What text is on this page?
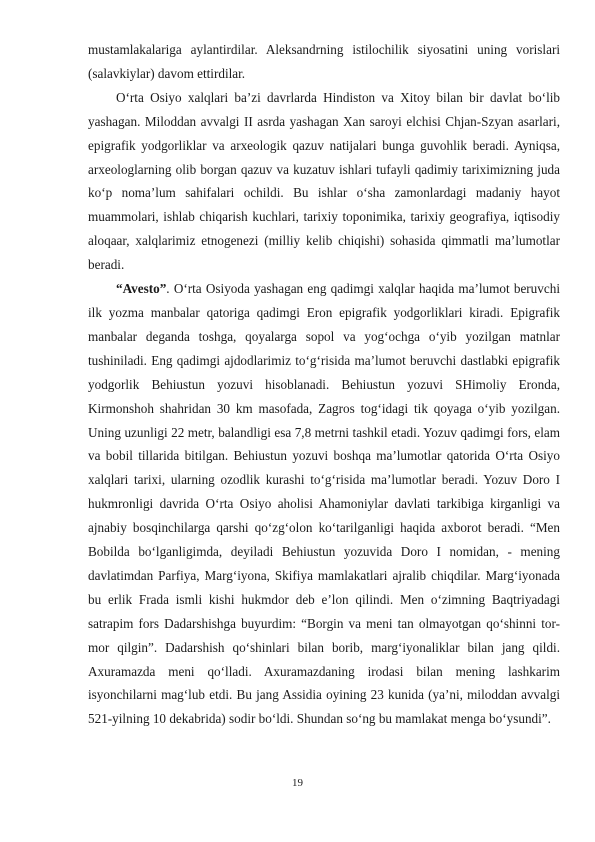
mustamlakalariga aylantirdilar. Aleksandrning istilochilik siyosatini uning vorislari (salavkiylar) davom ettirdilar.

O‘rta Osiyo xalqlari ba’zi davrlarda Hindiston va Xitoy bilan bir davlat bo‘lib yashagan. Miloddan avvalgi II asrda yashagan Xan saroyi elchisi Chjan-Szyan asarlari, epigrafik yodgorliklar va arxeologik qazuv natijalari bunga guvohlik beradi. Ayniqsa, arxeologlarning olib borgan qazuv va kuzatuv ishlari tufayli qadimiy tariximizning juda ko‘p noma’lum sahifalari ochildi. Bu ishlar o‘sha zamonlardagi madaniy hayot muammolari, ishlab chiqarish kuchlari, tarixiy toponimika, tarixiy geografiya, iqtisodiy aloqaar, xalqlarimiz etnogenezi (milliy kelib chiqishi) sohasida qimmatli ma’lumotlar beradi.

“Avesto”. O‘rta Osiyoda yashagan eng qadimgi xalqlar haqida ma’lumot beruvchi ilk yozma manbalar qatoriga qadimgi Eron epigrafik yodgorliklari kiradi. Epigrafik manbalar deganda toshga, qoyalarga sopol va yog‘ochga o‘yib yozilgan matnlar tushiniladi. Eng qadimgi ajdodlarimiz to‘g‘risida ma’lumot beruvchi dastlabki epigrafik yodgorlik Behiustun yozuvi hisoblanadi. Behiustun yozuvi SHimoliy Eronda, Kirmonshoh shahridan 30 km masofada, Zagros tog‘idagi tik qoyaga o‘yib yozilgan. Uning uzunligi 22 metr, balandligi esa 7,8 metrni tashkil etadi. Yozuv qadimgi fors, elam va bobil tillarida bitilgan. Behiustun yozuvi boshqa ma’lumotlar qatorida O‘rta Osiyo xalqlari tarixi, ularning ozodlik kurashi to‘g‘risida ma’lumotlar beradi. Yozuv Doro I hukmronligi davrida O‘rta Osiyo aholisi Ahamoniylar davlati tarkibiga kirganligi va ajnabiy bosqinchilarga qarshi qo‘zg‘olon ko‘tarilganligi haqida axborot beradi. “Men Bobilda bo‘lganligimda, deyiladi Behiustun yozuvida Doro I nomidan, - mening davlatimdan Parfiya, Marg‘iyona, Skifiya mamlakatlari ajralib chiqdilar. Marg‘iyonada bu erlik Frada ismli kishi hukmdor deb e’lon qilindi. Men o‘zimning Baqtriyadagi satrapim fors Dadarshishga buyurdim: “Borgin va meni tan olmayotgan qo‘shinni tor-mor qilgin”. Dadarshish qo‘shinlari bilan borib, marg‘iyonaliklar bilan jang qildi. Axuramazda meni qo‘lladi. Axuramazdaning irodasi bilan mening lashkarim isyonchilarni mag‘lub etdi. Bu jang Assidia oyining 23 kunida (ya’ni, miloddan avvalgi 521-yilning 10 dekabrida) sodir bo‘ldi. Shundan so‘ng bu mamlakat menga bo‘ysundi”.

19
